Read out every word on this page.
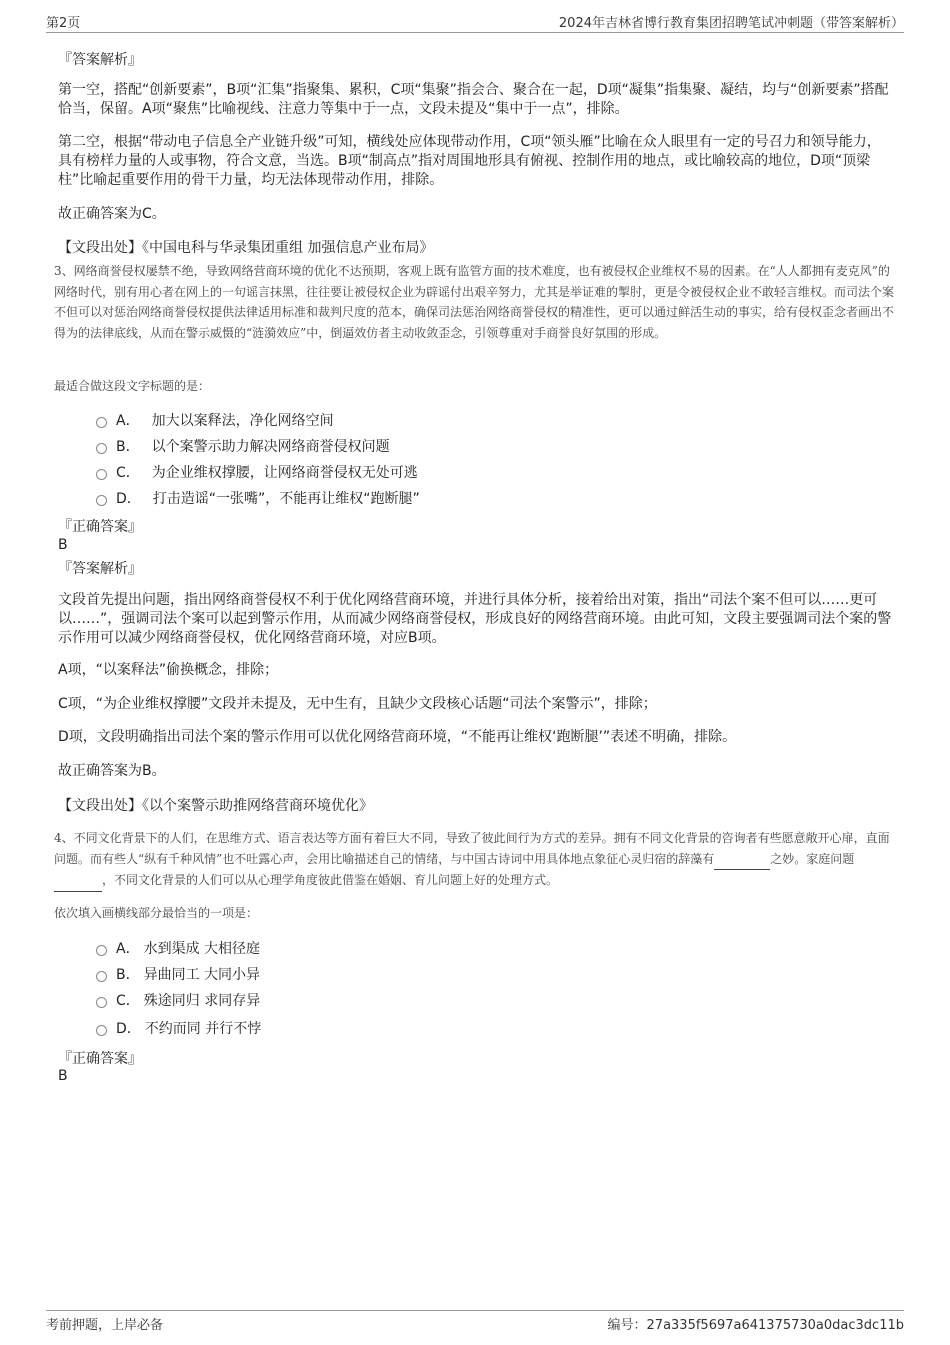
第2页	2024年吉林省博行教育集团招聘笔试冲刺题（带答案解析）
『答案解析』

第一空，搭配“创新要素”，B项“汇集”指聚集、累积，C项“集聚”指会合、聚合在一起，D项“凝集”指集聚、凝结，均与“创新要素”搭配恰当，保留。A项“聚焦”比喻视线、注意力等集中于一点，文段未提及“集中于一点”，排除。

第二空，根据“带动电子信息全产业链升级”可知，横线处应体现带动作用，C项“领头雁”比喻在众人眼里有一定的号召力和领导能力，具有榜样力量的人或事物，符合文意，当选。B项“制高点”指对周围地形具有俯视、控制作用的地点，或比喻较高的地位，D项“顶梁柱”比喻起重要作用的骨干力量，均无法体现带动作用，排除。

故正确答案为C。
【文段出处】《中国电科与华录集团重组 加强信息产业布局》

3、网络商誉侵权屡禁不绝，导致网络营商环境的优化不达预期，客观上既有监管方面的技术难度，也有被侵权企业维权不易的因素。在“人人都拥有麦克风”的网络时代，别有用心者在网上的一句谣言抹黑，往往要让被侵权企业为辟谣付出艰辛努力，尤其是举证难的掣肘，更是令被侵权企业不敢轻言维权。而司法个案不但可以对惩治网络商誉侵权提供法律适用标准和裁判尺度的范本，确保司法惩治网络商誉侵权的精准性，更可以通过鲜活生动的事实，给有侵权歪念者画出不得为的法律底线，从而在警示威慑的“涟漪效应”中，倒逼效仿者主动收敛歪念，引领尊重对手商誉良好氛围的形成。

最适合做这段文字标题的是：
A． 加大以案释法，净化网络空间
B． 以个案警示助力解决网络商誉侵权问题
C． 为企业维权撑腰，让网络商誉侵权无处可逃
D． 打击造谣“一张嘴”，不能再让维权“跑断腿”
『正确答案』
B
『答案解析』

文段首先提出问题，指出网络商誉侵权不利于优化网络营商环境，并进行具体分析，接着给出对策，指出“司法个案不但可以……更可以……”，强调司法个案可以起到警示作用，从而减少网络商誉侵权，形成良好的网络营商环境。由此可知，文段主要强调司法个案的警示作用可以减少网络商誉侵权，优化网络营商环境，对应B项。

A项，“以案释法”偷换概念，排除；
C项，“为企业维权撑腰”文段并未提及，无中生有，且缺少文段核心话题“司法个案警示”，排除；
D项，文段明确指出司法个案的警示作用可以优化网络营商环境，“不能再让维权‘跑断腿’”表述不明确，排除。
故正确答案为B。
【文段出处】《以个案警示助推网络营商环境优化》

4、不同文化背景下的人们，在思维方式、语言表达等方面有着巨大不同，导致了彼此间行为方式的差异。拥有不同文化背景的咨询者有些愿意敞开心扉，直面问题。而有些人“纵有千种风情”也不吐露心声，会用比喻描述自己的情绪，与中国古诗词中用具体地点象征心灵归宿的辞藻有	之妙。家庭问题，不同文化背景的人们可以从心理学角度彼此借鉴在婚姻、育儿问题上好的处理方式。

依次填入画横线部分最恰当的一项是：
A． 水到渠成 大相径庭
B． 异曲同工 大同小异
C． 殊途同归 求同存异
D． 不约而同 并行不悖
『正确答案』
B
考前押题，上岸必备	编号：27a335f5697a641375730a0dac3dc11b
